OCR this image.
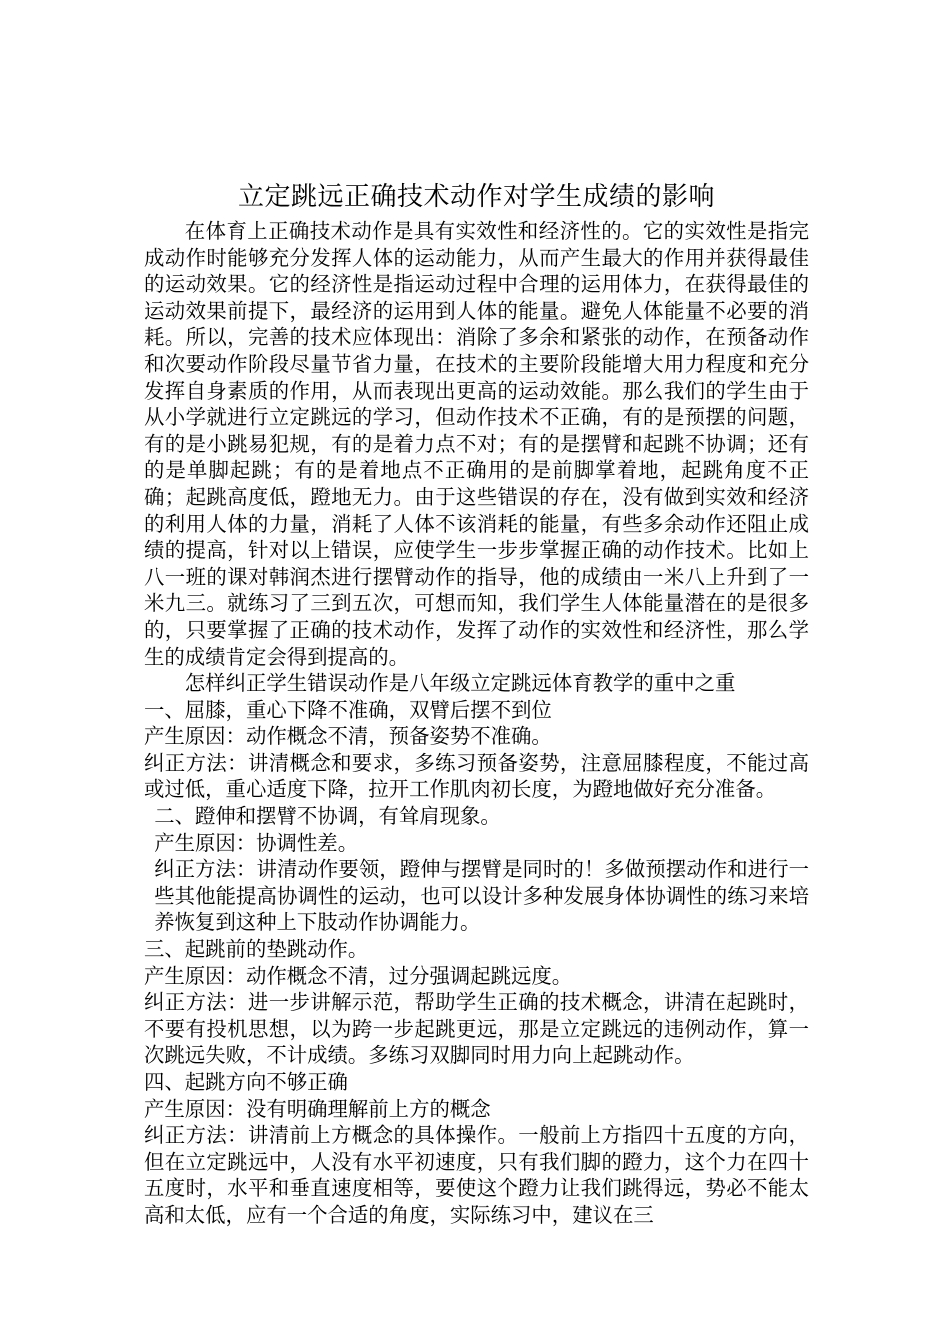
立定跳远正确技术动作对学生成绩的影响

在体育上正确技术动作是具有实效性和经济性的。它的实效性是指完成动作时能够充分发挥人体的运动能力，从而产生最大的作用并获得最佳的运动效果。它的经济性是指运动过程中合理的运用体力，在获得最佳的运动效果前提下，最经济的运用到人体的能量。避免人体能量不必要的消耗。所以，完善的技术应体现出：消除了多余和紧张的动作，在预备动作和次要动作阶段尽量节省力量，在技术的主要阶段能增大用力程度和充分发挥自身素质的作用，从而表现出更高的运动效能。那么我们的学生由于从小学就进行立定跳远的学习，但动作技术不正确，有的是预摆的问题，有的是小跳易犯规，有的是着力点不对；有的是摆臂和起跳不协调；还有的是单脚起跳；有的是着地点不正确用的是前脚掌着地，起跳角度不正确；起跳高度低，蹬地无力。由于这些错误的存在，没有做到实效和经济的利用人体的力量，消耗了人体不该消耗的能量，有些多余动作还阻止成绩的提高，针对以上错误，应使学生一步步掌握正确的动作技术。比如上八一班的课对韩润杰进行摆臂动作的指导，他的成绩由一米八上升到了一米九三。就练习了三到五次，可想而知，我们学生人体能量潜在的是很多的，只要掌握了正确的技术动作，发挥了动作的实效性和经济性，那么学生的成绩肯定会得到提高的。

怎样纠正学生错误动作是八年级立定跳远体育教学的重中之重

一、屈膝，重心下降不准确，双臂后摆不到位

产生原因：动作概念不清，预备姿势不准确。

纠正方法：讲清概念和要求，多练习预备姿势，注意屈膝程度，不能过高或过低，重心适度下降，拉开工作肌肉初长度，为蹬地做好充分准备。

二、蹬伸和摆臂不协调，有耸肩现象。

产生原因：协调性差。

纠正方法：讲清动作要领，蹬伸与摆臂是同时的！多做预摆动作和进行一些其他能提高协调性的运动，也可以设计多种发展身体协调性的练习来培养恢复到这种上下肢动作协调能力。

三、起跳前的垫跳动作。

产生原因：动作概念不清，过分强调起跳远度。

纠正方法：进一步讲解示范，帮助学生正确的技术概念，讲清在起跳时，不要有投机思想，以为跨一步起跳更远，那是立定跳远的违例动作，算一次跳远失败，不计成绩。多练习双脚同时用力向上起跳动作。

四、起跳方向不够正确

产生原因：没有明确理解前上方的概念

纠正方法：讲清前上方概念的具体操作。一般前上方指四十五度的方向，但在立定跳远中，人没有水平初速度，只有我们脚的蹬力，这个力在四十五度时，水平和垂直速度相等，要使这个蹬力让我们跳得远，势必不能太高和太低，应有一个合适的角度，实际练习中，建议在三
